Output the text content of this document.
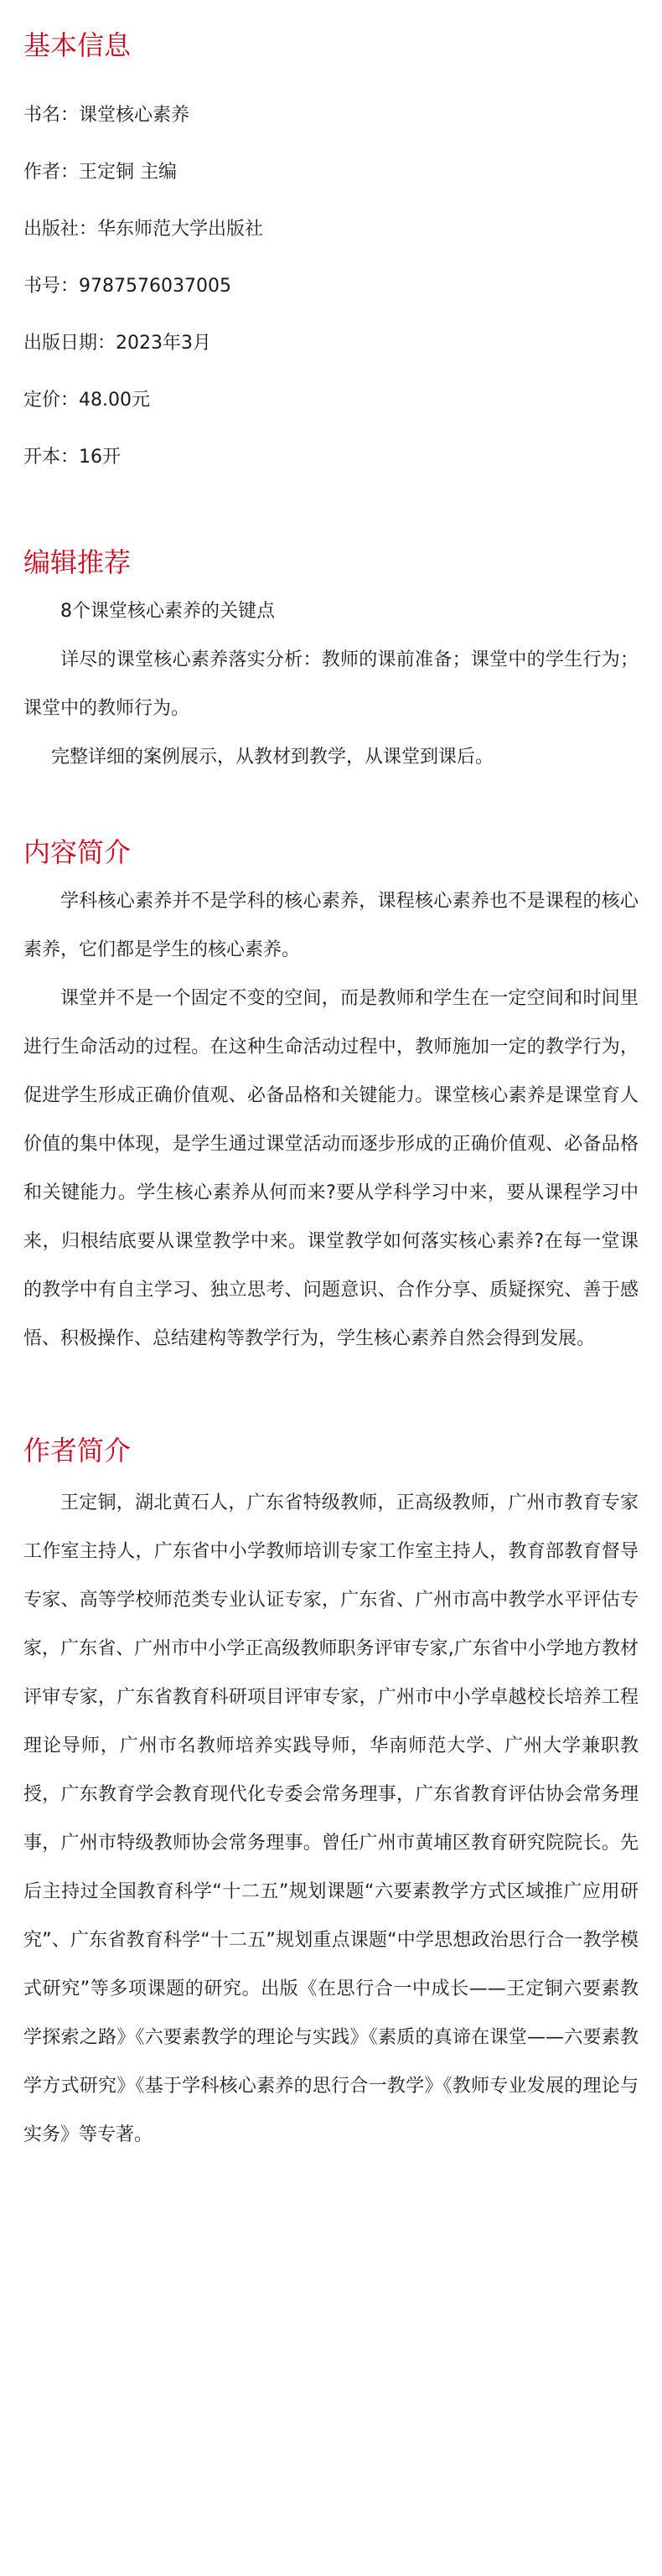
基本信息

书名：课堂核心素养

作者：王定铜 主编

出版社：华东师范大学出版社

书号：9787576037005

出版日期：2023年3月

定价：48.00元

开本：16开

编辑推荐

8个课堂核心素养的关键点

详尽的课堂核心素养落实分析：教师的课前准备；课堂中的学生行为；课堂中的教师行为。

完整详细的案例展示，从教材到教学，从课堂到课后。

内容简介

学科核心素养并不是学科的核心素养，课程核心素养也不是课程的核心素养，它们都是学生的核心素养。

课堂并不是一个固定不变的空间，而是教师和学生在一定空间和时间里进行生命活动的过程。在这种生命活动过程中，教师施加一定的教学行为，促进学生形成正确价值观、必备品格和关键能力。课堂核心素养是课堂育人价值的集中体现，是学生通过课堂活动而逐步形成的正确价值观、必备品格和关键能力。学生核心素养从何而来?要从学科学习中来，要从课程学习中来，归根结底要从课堂教学中来。课堂教学如何落实核心素养?在每一堂课的教学中有自主学习、独立思考、问题意识、合作分享、质疑探究、善于感悟、积极操作、总结建构等教学行为，学生核心素养自然会得到发展。

作者简介

王定铜，湖北黄石人，广东省特级教师，正高级教师，广州市教育专家工作室主持人，广东省中小学教师培训专家工作室主持人，教育部教育督导专家、高等学校师范类专业认证专家，广东省、广州市高中教学水平评估专家，广东省、广州市中小学正高级教师职务评审专家,广东省中小学地方教材评审专家，广东省教育科研项目评审专家，广州市中小学卓越校长培养工程理论导师，广州市名教师培养实践导师，华南师范大学、广州大学兼职教授，广东教育学会教育现代化专委会常务理事，广东省教育评估协会常务理事，广州市特级教师协会常务理事。曾任广州市黄埔区教育研究院院长。先后主持过全国教育科学“十二五”规划课题“六要素教学方式区域推广应用研究”、广东省教育科学“十二五”规划重点课题“中学思想政治思行合一教学模式研究”等多项课题的研究。出版《在思行合一中成长——王定铜六要素教学探索之路》《六要素教学的理论与实践》《素质的真谛在课堂——六要素教学方式研究》《基于学科核心素养的思行合一教学》《教师专业发展的理论与实务》等专著。
